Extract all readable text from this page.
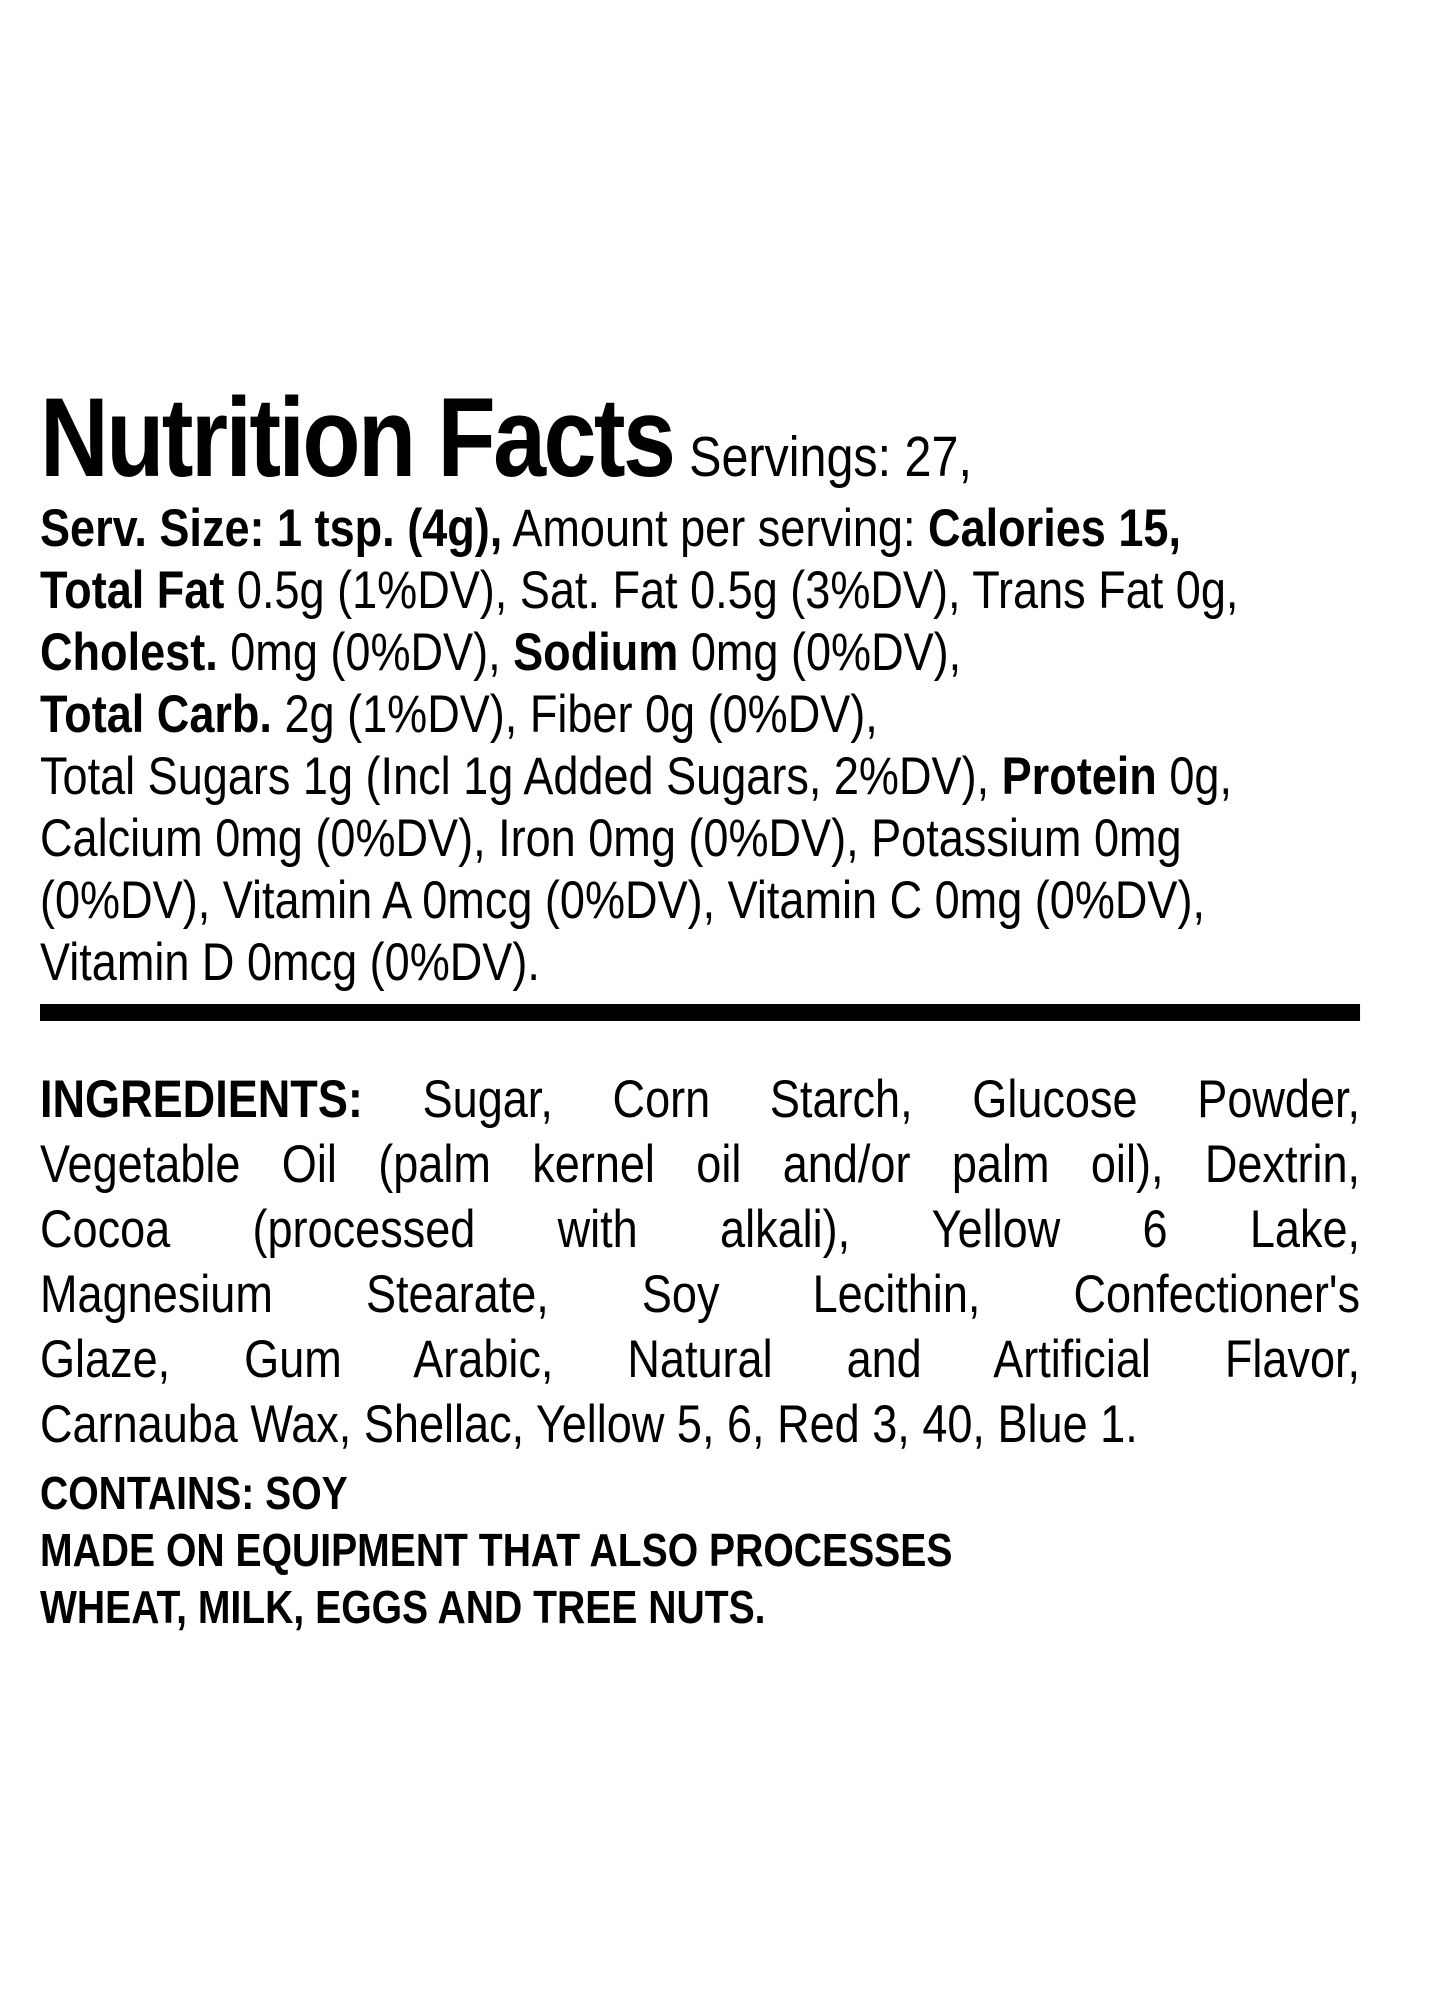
Nutrition Facts Servings: 27,
Serv. Size: 1 tsp. (4g), Amount per serving: Calories 15,
Total Fat 0.5g (1%DV), Sat. Fat 0.5g (3%DV), Trans Fat 0g,
Cholest. 0mg (0%DV), Sodium 0mg (0%DV),
Total Carb. 2g (1%DV), Fiber 0g (0%DV),
Total Sugars 1g (Incl 1g Added Sugars, 2%DV), Protein 0g,
Calcium 0mg (0%DV), Iron 0mg (0%DV), Potassium 0mg
(0%DV), Vitamin A 0mcg (0%DV), Vitamin C 0mg (0%DV),
Vitamin D 0mcg (0%DV).
INGREDIENTS: Sugar, Corn Starch, Glucose Powder,
Vegetable Oil (palm kernel oil and/or palm oil), Dextrin,
Cocoa (processed with alkali), Yellow 6 Lake,
Magnesium Stearate, Soy Lecithin, Confectioner's
Glaze, Gum Arabic, Natural and Artificial Flavor,
Carnauba Wax, Shellac, Yellow 5, 6, Red 3, 40, Blue 1.
CONTAINS: SOY
MADE ON EQUIPMENT THAT ALSO PROCESSES
WHEAT, MILK, EGGS AND TREE NUTS.
